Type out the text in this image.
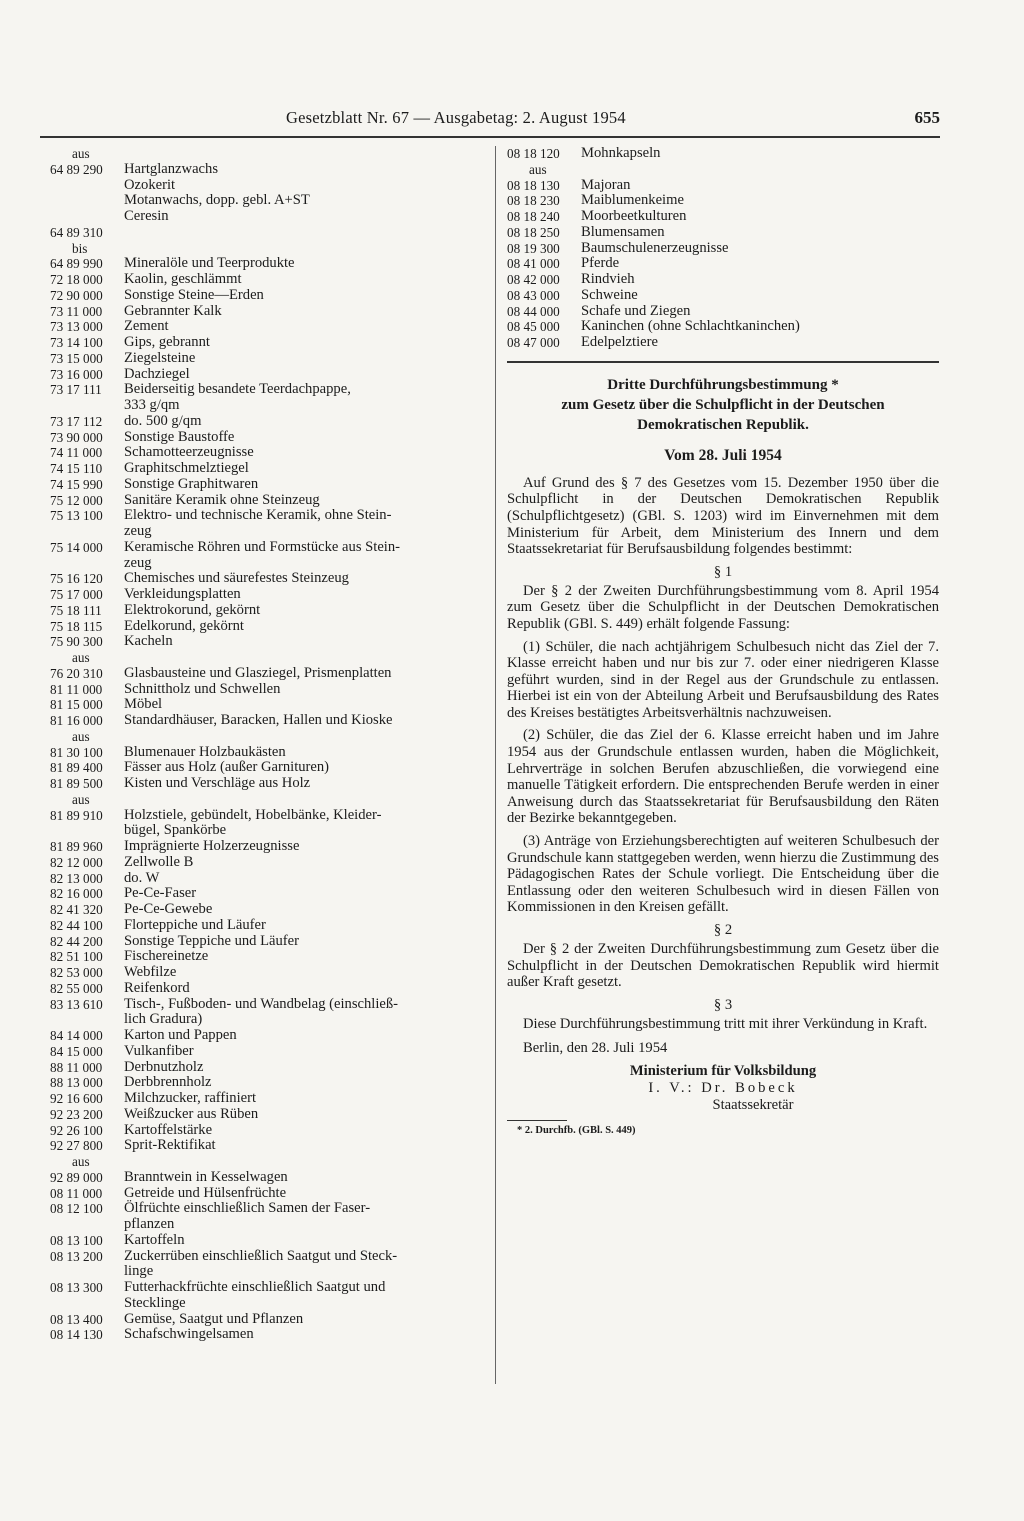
Gesetzblatt Nr. 67 — Ausgabetag: 2. August 1954	655
aus
64 89 290	Hartglanzwachs
Ozokerit
Motanwachs, dopp. gebl. A+ST
Ceresin
64 89 310
bis
64 89 990	Mineralöle und Teerprodukte
72 18 000	Kaolin, geschlämmt
72 90 000	Sonstige Steine—Erden
73 11 000	Gebrannter Kalk
73 13 000	Zement
73 14 100	Gips, gebrannt
73 15 000	Ziegelsteine
73 16 000	Dachziegel
73 17 111	Beiderseitig besandete Teerdachpappe,
333 g/qm
73 17 112	do. 500 g/qm
73 90 000	Sonstige Baustoffe
74 11 000	Schamotteerzeugnisse
74 15 110	Graphitschmelztiegel
74 15 990	Sonstige Graphitwaren
75 12 000	Sanitäre Keramik ohne Steinzeug
75 13 100	Elektro- und technische Keramik, ohne Stein-
zeug
75 14 000	Keramische Röhren und Formstücke aus Stein-
zeug
75 16 120	Chemisches und säurefestes Steinzeug
75 17 000	Verkleidungsplatten
75 18 111	Elektrokorund, gekörnt
75 18 115	Edelkorund, gekörnt
75 90 300	Kacheln
aus
76 20 310	Glasbausteine und Glasziegel, Prismenplatten
81 11 000	Schnittholz und Schwellen
81 15 000	Möbel
81 16 000	Standardhäuser, Baracken, Hallen und Kioske
aus
81 30 100	Blumenauer Holzbaukästen
81 89 400	Fässer aus Holz (außer Garnituren)
81 89 500	Kisten und Verschläge aus Holz
aus
81 89 910	Holzstiele, gebündelt, Hobelbänke, Kleider-
bügel, Spankörbe
81 89 960	Imprägnierte Holzerzeugnisse
82 12 000	Zellwolle B
82 13 000	do. W
82 16 000	Pe-Ce-Faser
82 41 320	Pe-Ce-Gewebe
82 44 100	Florteppiche und Läufer
82 44 200	Sonstige Teppiche und Läufer
82 51 100	Fischereinetze
82 53 000	Webfilze
82 55 000	Reifenkord
83 13 610	Tisch-, Fußboden- und Wandbelag (einschließ-
lich Gradura)
84 14 000	Karton und Pappen
84 15 000	Vulkanfiber
88 11 000	Derbnutzholz
88 13 000	Derbbrennholz
92 16 600	Milchzucker, raffiniert
92 23 200	Weißzucker aus Rüben
92 26 100	Kartoffelstärke
92 27 800	Sprit-Rektifikat
aus
92 89 000	Branntwein in Kesselwagen
08 11 000	Getreide und Hülsenfrüchte
08 12 100	Ölfrüchte einschließlich Samen der Faser-
pflanzen
08 13 100	Kartoffeln
08 13 200	Zuckerrüben einschließlich Saatgut und Steck-
linge
08 13 300	Futterhackfrüchte einschließlich Saatgut und
Stecklinge
08 13 400	Gemüse, Saatgut und Pflanzen
08 14 130	Schafschwingelsamen
08 18 120	Mohnkapseln
aus
08 18 130	Majoran
08 18 230	Maiblumenkeime
08 18 240	Moorbeetkulturen
08 18 250	Blumensamen
08 19 300	Baumschulenerzeugnisse
08 41 000	Pferde
08 42 000	Rindvieh
08 43 000	Schweine
08 44 000	Schafe und Ziegen
08 45 000	Kaninchen (ohne Schlachtkaninchen)
08 47 000	Edelpelztiere
Dritte Durchführungsbestimmung *
zum Gesetz über die Schulpflicht in der Deutschen
Demokratischen Republik.
Vom 28. Juli 1954

Auf Grund des § 7 des Gesetzes vom 15. Dezember 1950 über die Schulpflicht in der Deutschen Demokratischen Republik (Schulpflichtgesetz) (GBl. S. 1203) wird im Einvernehmen mit dem Ministerium für Arbeit, dem Ministerium des Innern und dem Staatssekretariat für Berufsausbildung folgendes bestimmt:

§ 1

Der § 2 der Zweiten Durchführungsbestimmung vom 8. April 1954 zum Gesetz über die Schulpflicht in der Deutschen Demokratischen Republik (GBl. S. 449) erhält folgende Fassung:

(1) Schüler, die nach achtjährigem Schulbesuch nicht das Ziel der 7. Klasse erreicht haben und nur bis zur 7. oder einer niedrigeren Klasse geführt wurden, sind in der Regel aus der Grundschule zu entlassen. Hierbei ist ein von der Abteilung Arbeit und Berufsausbildung des Rates des Kreises bestätigtes Arbeitsverhältnis nachzuweisen.

(2) Schüler, die das Ziel der 6. Klasse erreicht haben und im Jahre 1954 aus der Grundschule entlassen wurden, haben die Möglichkeit, Lehrverträge in solchen Berufen abzuschließen, die vorwiegend eine manuelle Tätigkeit erfordern. Die entsprechenden Berufe werden in einer Anweisung durch das Staatssekretariat für Berufsausbildung den Räten der Bezirke bekanntgegeben.

(3) Anträge von Erziehungsberechtigten auf weiteren Schulbesuch der Grundschule kann stattgegeben werden, wenn hierzu die Zustimmung des Pädagogischen Rates der Schule vorliegt. Die Entscheidung über die Entlassung oder den weiteren Schulbesuch wird in diesen Fällen von Kommissionen in den Kreisen gefällt.

§ 2

Der § 2 der Zweiten Durchführungsbestimmung zum Gesetz über die Schulpflicht in der Deutschen Demokratischen Republik wird hiermit außer Kraft gesetzt.

§ 3

Diese Durchführungsbestimmung tritt mit ihrer Verkündung in Kraft.

Berlin, den 28. Juli 1954

Ministerium für Volksbildung
I. V.: Dr. Bobeck
Staatssekretär
* 2. Durchfb. (GBl. S. 449)
